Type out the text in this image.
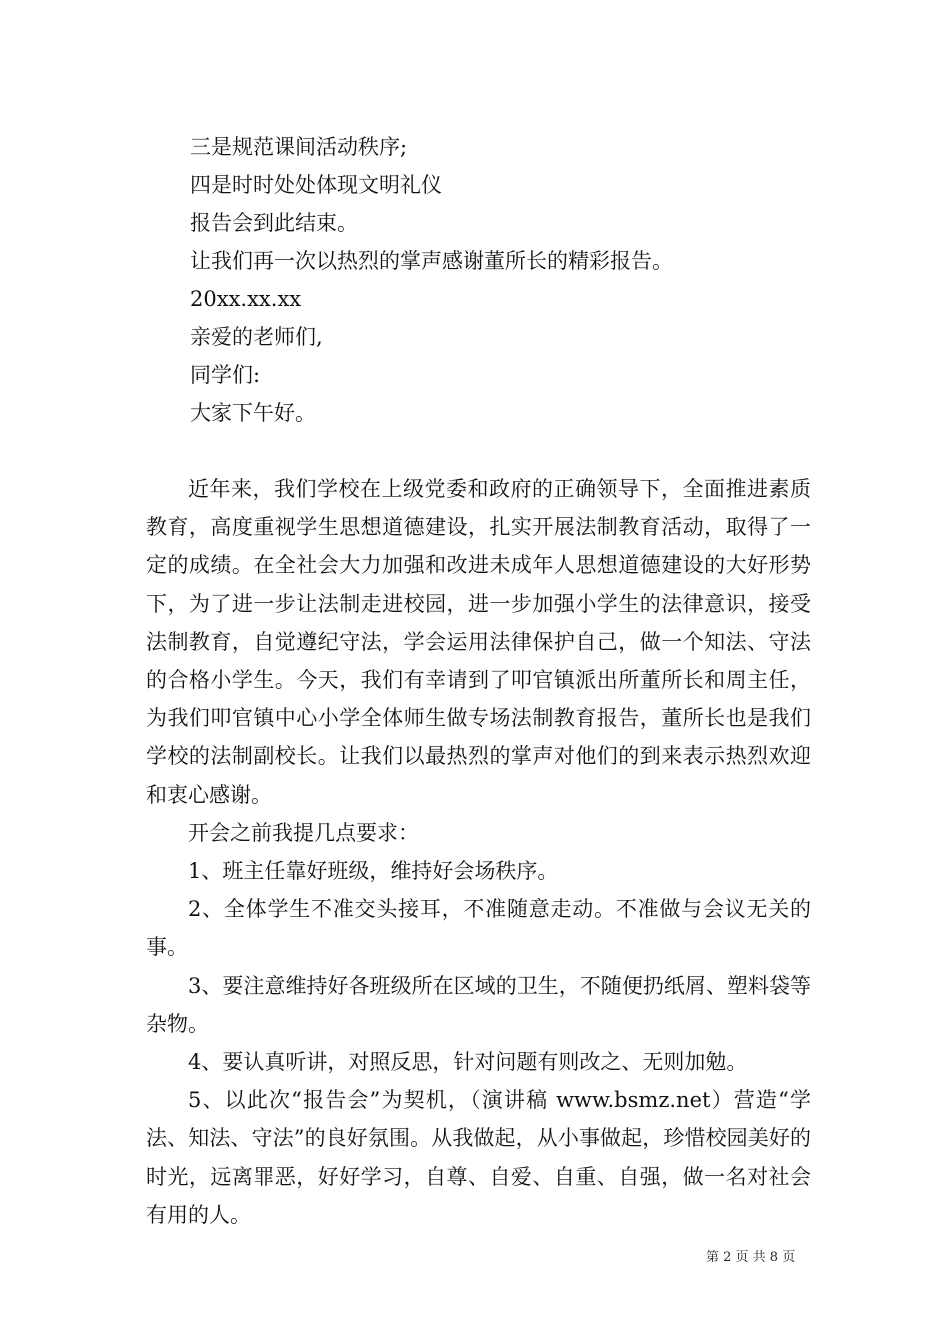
三是规范课间活动秩序;
四是时时处处体现文明礼仪
报告会到此结束。
让我们再一次以热烈的掌声感谢董所长的精彩报告。
20xx.xx.xx
亲爱的老师们,
同学们:
大家下午好。

近年来，我们学校在上级党委和政府的正确领导下，全面推进素质教育，高度重视学生思想道德建设，扎实开展法制教育活动，取得了一定的成绩。在全社会大力加强和改进未成年人思想道德建设的大好形势下，为了进一步让法制走进校园，进一步加强小学生的法律意识，接受法制教育，自觉遵纪守法，学会运用法律保护自己，做一个知法、守法的合格小学生。今天，我们有幸请到了叩官镇派出所董所长和周主任，为我们叩官镇中心小学全体师生做专场法制教育报告，董所长也是我们学校的法制副校长。让我们以最热烈的掌声对他们的到来表示热烈欢迎和衷心感谢。

开会之前我提几点要求：

1、班主任靠好班级，维持好会场秩序。

2、全体学生不准交头接耳，不准随意走动。不准做与会议无关的事。

3、要注意维持好各班级所在区域的卫生，不随便扔纸屑、塑料袋等杂物。

4、要认真听讲，对照反思，针对问题有则改之、无则加勉。

5、以此次“报告会”为契机，（演讲稿 www.bsmz.net）营造“学法、知法、守法”的良好氛围。从我做起，从小事做起，珍惜校园美好的时光，远离罪恶，好好学习，自尊、自爱、自重、自强，做一名对社会有用的人。

第 2 页 共 8 页
